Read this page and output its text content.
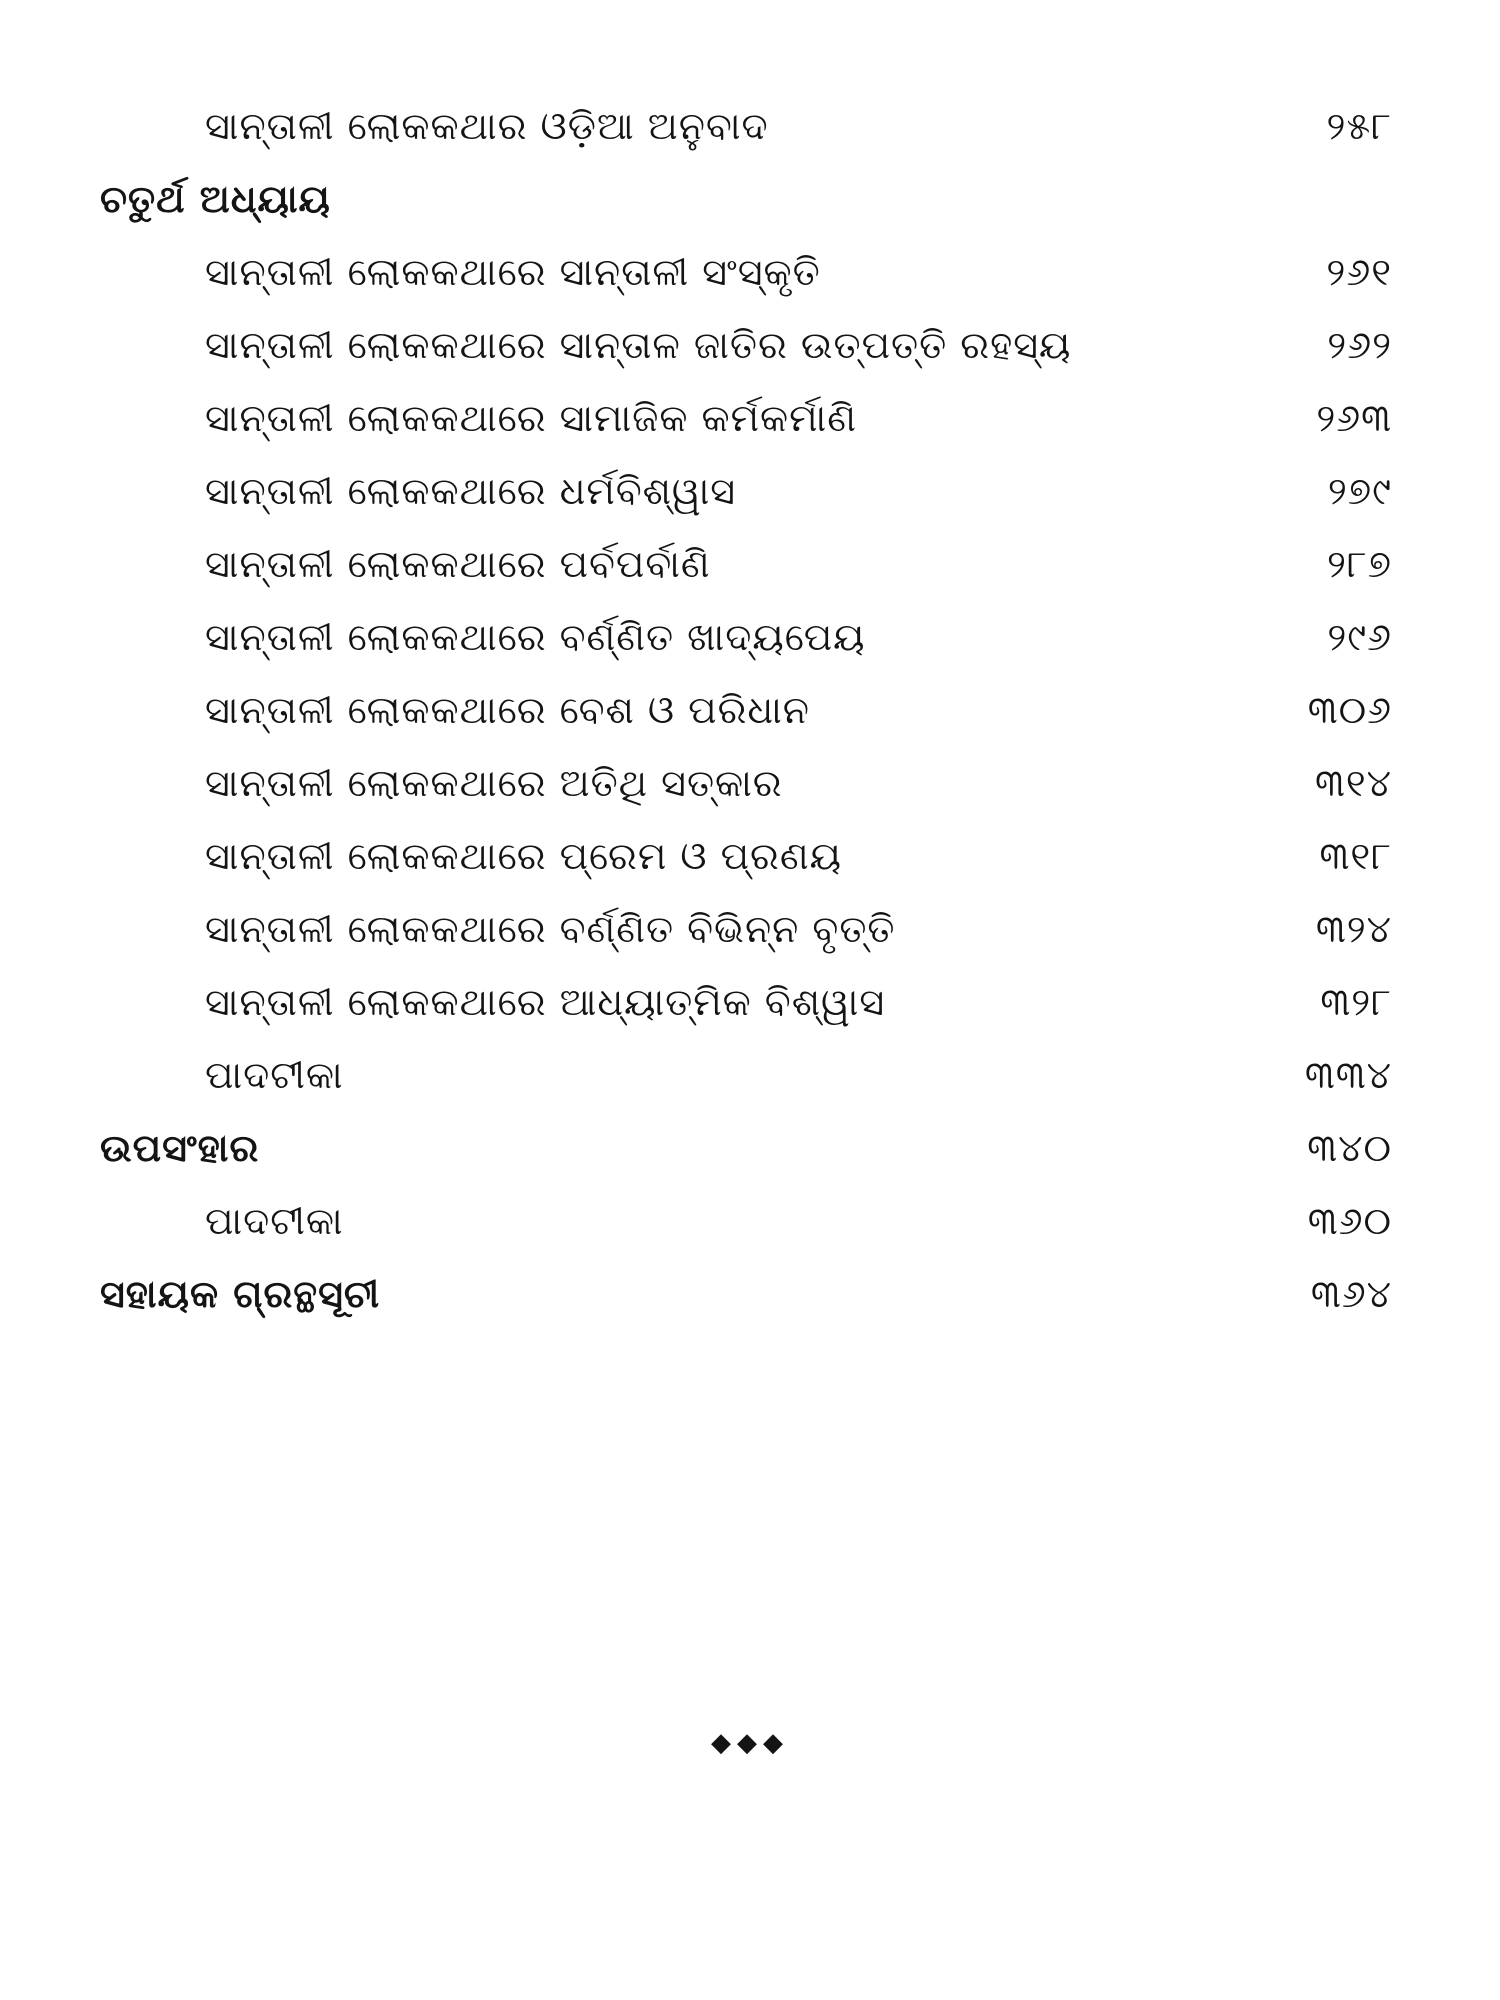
ସାନ୍ତାଳୀ ଲୋକକଥାର ଓଡ଼ିଆ ଅନୁବାଦ	୨୫୮
ଚତୁର୍ଥ ଅଧ୍ୟାୟ
ସାନ୍ତାଳୀ ଲୋକକଥାରେ ସାନ୍ତାଳୀ ସଂସ୍କୃତି	୨୬୧
ସାନ୍ତାଳୀ ଲୋକକଥାରେ ସାନ୍ତାଳ ଜାତିର ଉତ୍ପତ୍ତି ରହସ୍ୟ	୨୬୨
ସାନ୍ତାଳୀ ଲୋକକଥାରେ ସାମାଜିକ କର୍ମକର୍ମାଣି	୨୬୩
ସାନ୍ତାଳୀ ଲୋକକଥାରେ ଧର୍ମବିଶ୍ୱାସ	୨୭୯
ସାନ୍ତାଳୀ ଲୋକକଥାରେ ପର୍ବପର୍ବାଣି	୨୮୭
ସାନ୍ତାଳୀ ଲୋକକଥାରେ ବର୍ଣ୍ଣିତ ଖାଦ୍ୟପେୟ	୨୯୬
ସାନ୍ତାଳୀ ଲୋକକଥାରେ ବେଶ ଓ ପରିଧାନ	୩୦୬
ସାନ୍ତାଳୀ ଲୋକକଥାରେ ଅତିଥି ସତ୍କାର	୩୧୪
ସାନ୍ତାଳୀ ଲୋକକଥାରେ ପ୍ରେମ ଓ ପ୍ରଣୟ	୩୧୮
ସାନ୍ତାଳୀ ଲୋକକଥାରେ ବର୍ଣ୍ଣିତ ବିଭିନ୍ନ ବୃତ୍ତି	୩୨୪
ସାନ୍ତାଳୀ ଲୋକକଥାରେ ଆଧ୍ୟାତ୍ମିକ ବିଶ୍ୱାସ	୩୨୮
ପାଦଟୀକା	୩୩୪
ଉପସଂହାର	୩୪୦
ପାଦଟୀକା	୩୬୦
ସହାୟକ ଗ୍ରନ୍ଥସୂଚୀ	୩୬୪
◆◆◆
